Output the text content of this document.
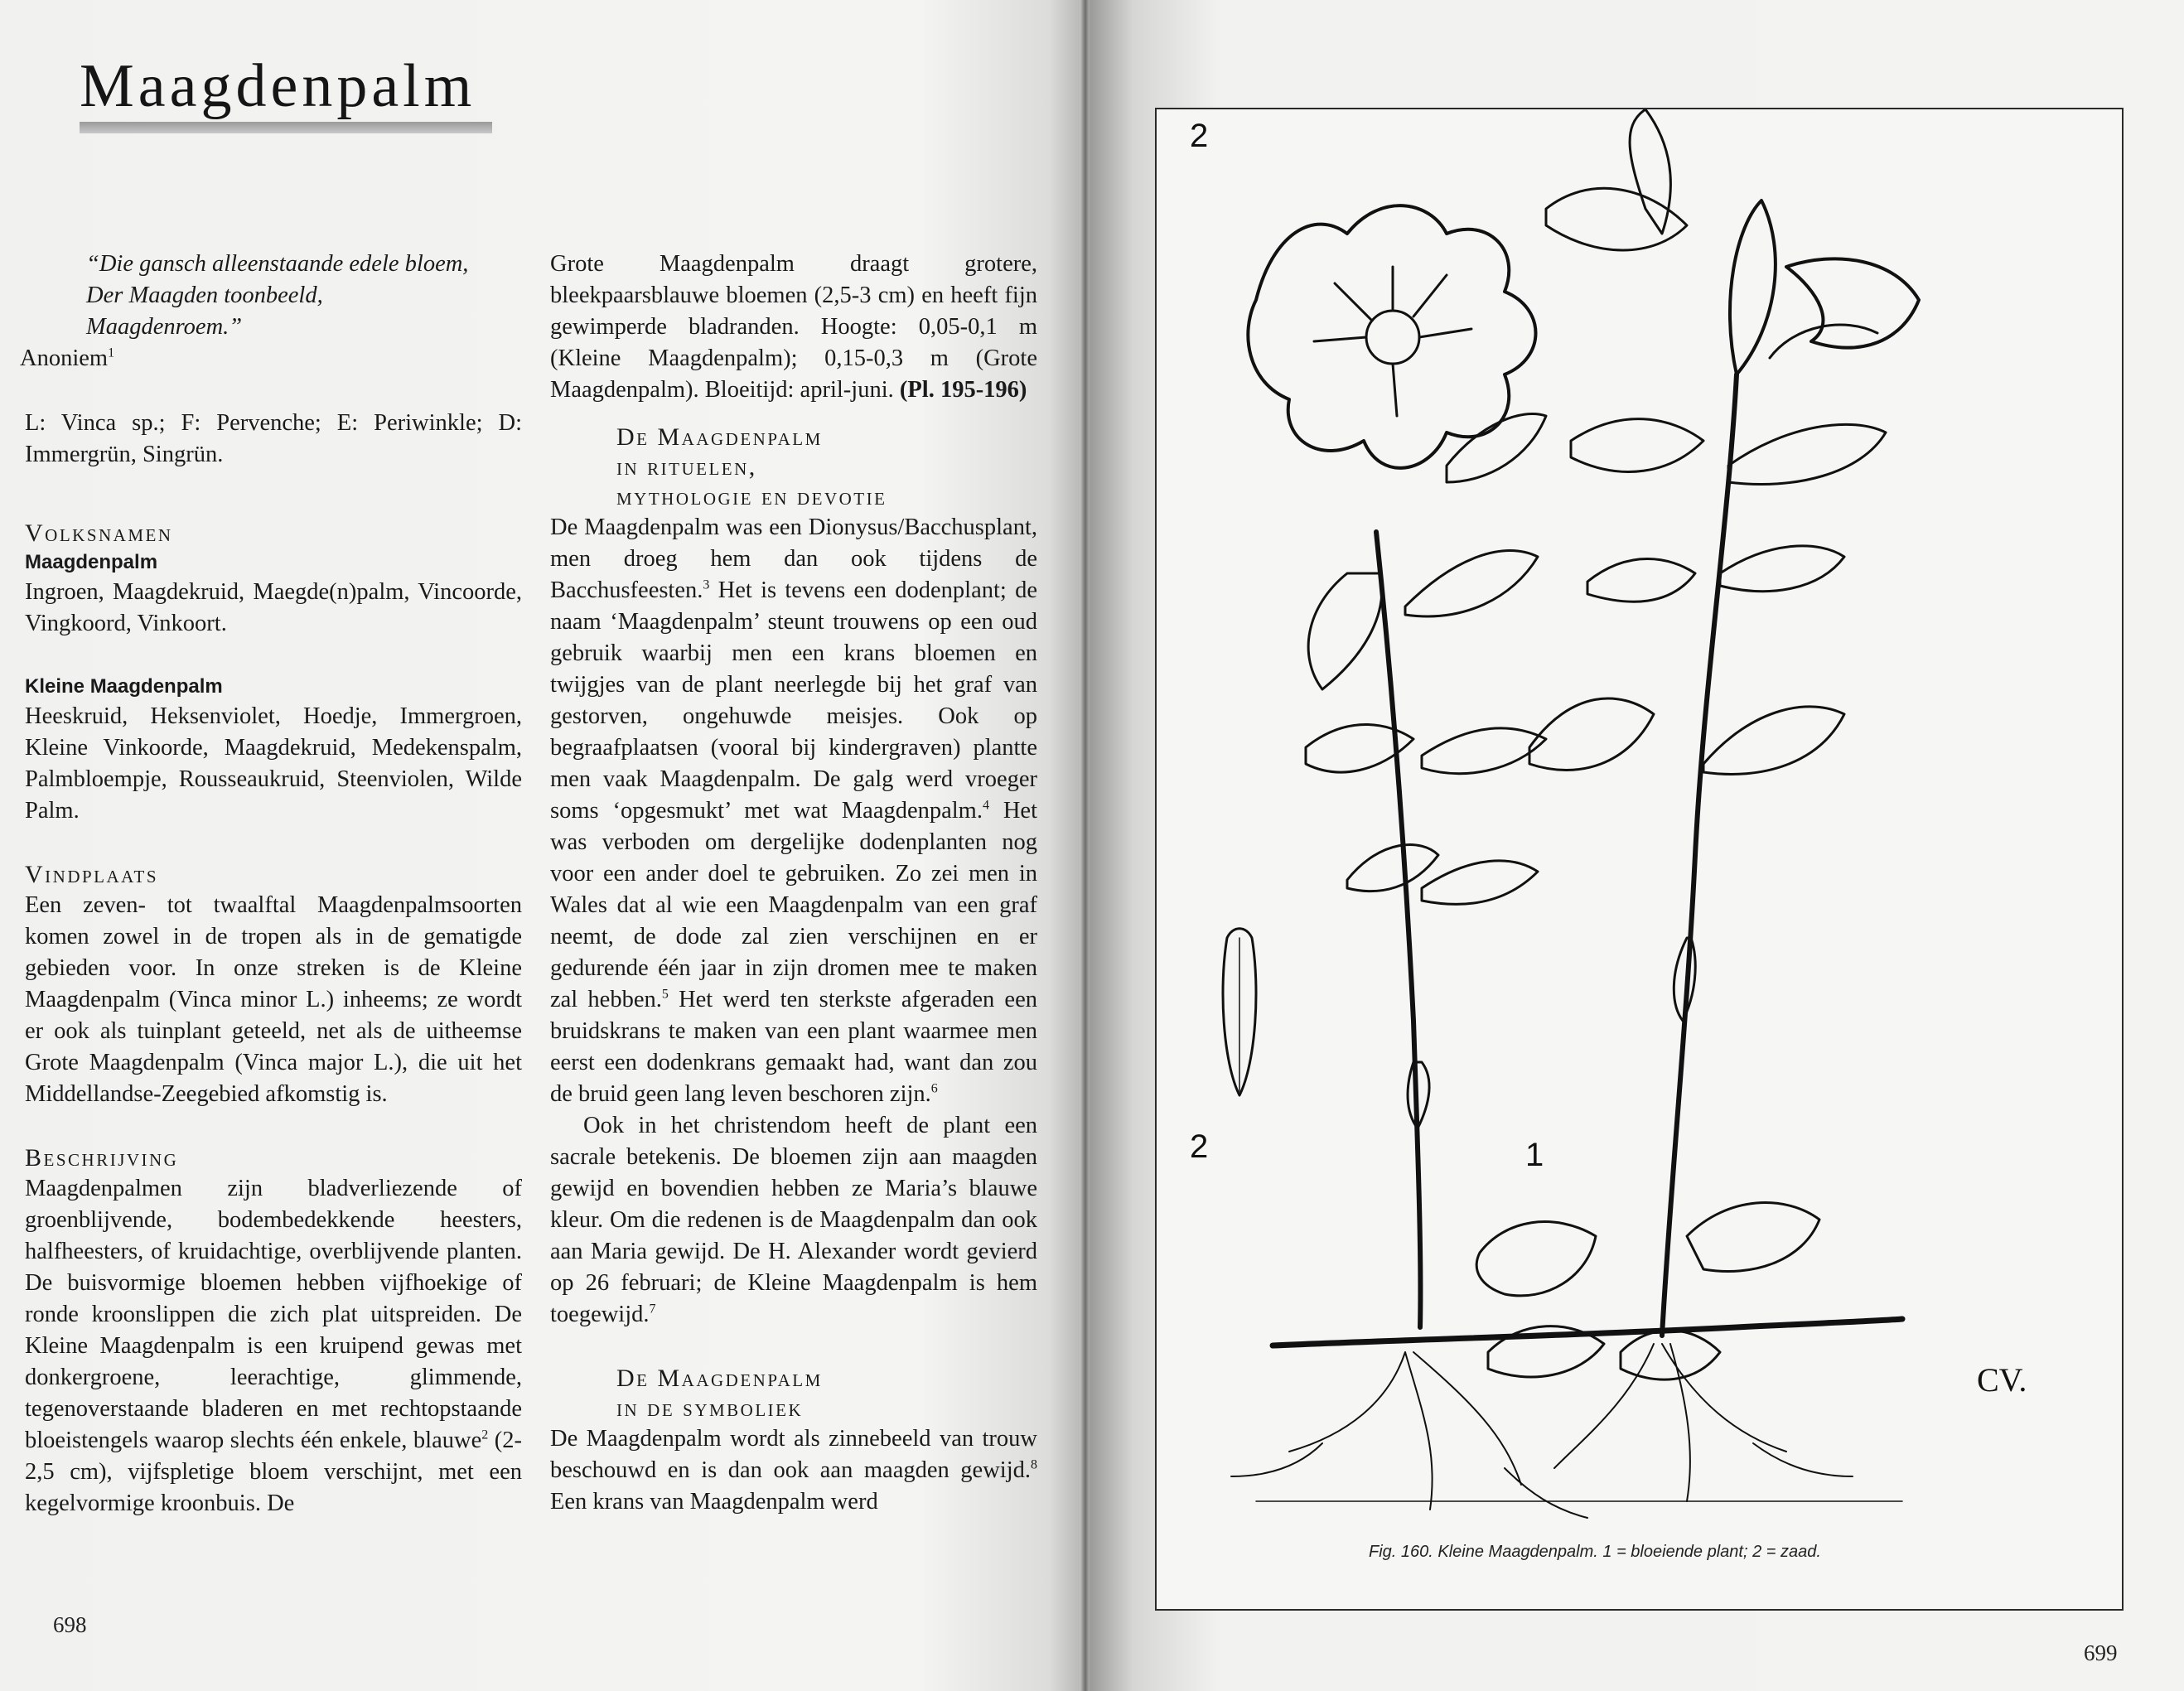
Maagdenpalm
“Die gansch alleenstaande edele bloem,
Der Maagden toonbeeld,
Maagdenroem.”

Anoniem$^1$

L: Vinca sp.; F: Pervenche; E: Periwinkle; D: Immergrün, Singrün.

Volksnamen

Maagdenpalm

Ingroen, Maagdekruid, Maegde(n)palm, Vincoorde, Vingkoord, Vinkoort.

Kleine Maagdenpalm

Heeskruid, Heksenviolet, Hoedje, Immergroen, Kleine Vinkoorde, Maagdekruid, Medekenspalm, Palmbloempje, Rousseaukruid, Steenviolen, Wilde Palm.

Vindplaats

Een zeven- tot twaalftal Maagdenpalmsoorten komen zowel in de tropen als in de gematigde gebieden voor. In onze streken is de Kleine Maagdenpalm (Vinca minor L.) inheems; ze wordt er ook als tuinplant geteeld, net als de uitheemse Grote Maagdenpalm (Vinca major L.), die uit het Middellandse-Zeegebied afkomstig is.

Beschrijving

Maagdenpalmen zijn bladverliezende of groenblijvende, bodembedekkende heesters, halfheesters, of kruidachtige, overblijvende planten. De buisvormige bloemen hebben vijfhoekige of ronde kroonslippen die zich plat uitspreiden. De Kleine Maagdenpalm is een kruipend gewas met donkergroene, leerachtige, glimmende, tegenoverstaande bladeren en met rechtopstaande bloeistengels waarop slechts één enkele, blauwe$^2$ (2-2,5 cm), vijfspletige bloem verschijnt, met een kegelvormige kroonbuis. De

Grote Maagdenpalm draagt grotere, bleekpaarsblauwe bloemen (2,5-3 cm) en heeft fijn gewimperde bladranden. Hoogte: 0,05-0,1 m (Kleine Maagdenpalm); 0,15-0,3 m (Grote Maagdenpalm). Bloeitijd: april-juni. (Pl. 195-196)

De Maagdenpalm
in rituelen,
mythologie en devotie

De Maagdenpalm was een Dionysus/Bacchusplant, men droeg hem dan ook tijdens de Bacchusfeesten.$^3$ Het is tevens een dodenplant; de naam ‘Maagdenpalm’ steunt trouwens op een oud gebruik waarbij men een krans bloemen en twijgjes van de plant neerlegde bij het graf van gestorven, ongehuwde meisjes. Ook op begraafplaatsen (vooral bij kindergraven) plantte men vaak Maagdenpalm. De galg werd vroeger soms ‘opgesmukt’ met wat Maagdenpalm.$^4$ Het was verboden om dergelijke dodenplanten nog voor een ander doel te gebruiken. Zo zei men in Wales dat al wie een Maagdenpalm van een graf neemt, de dode zal zien verschijnen en er gedurende één jaar in zijn dromen mee te maken zal hebben.$^5$ Het werd ten sterkste afgeraden een bruidskrans te maken van een plant waarmee men eerst een dodenkrans gemaakt had, want dan zou de bruid geen lang leven beschoren zijn.$^6$

Ook in het christendom heeft de plant een sacrale betekenis. De bloemen zijn aan maagden gewijd en bovendien hebben ze Maria’s blauwe kleur. Om die redenen is de Maagdenpalm dan ook aan Maria gewijd. De H. Alexander wordt gevierd op 26 februari; de Kleine Maagdenpalm is hem toegewijd.$^7$

De Maagdenpalm
in de symboliek

De Maagdenpalm wordt als zinnebeeld van trouw beschouwd en is dan ook aan maagden gewijd.$^8$ Een krans van Maagdenpalm werd

698
2
2	1
CV.
Fig. 160. Kleine Maagdenpalm. 1 = bloeiende plant; 2 = zaad.
699
